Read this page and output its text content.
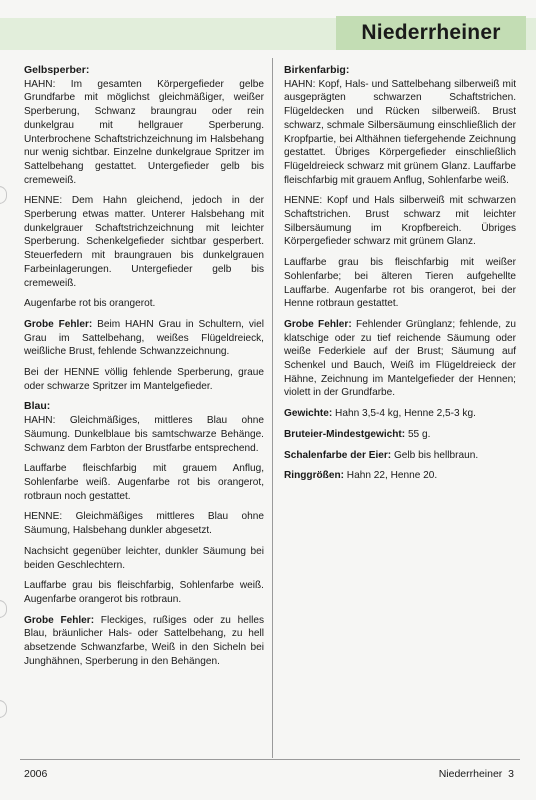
Niederrheiner
Gelbsperber:

HAHN: Im gesamten Körpergefieder gelbe Grundfarbe mit möglichst gleichmäßiger, weißer Sperberung, Schwanz braungrau oder rein dunkelgrau mit hellgrauer Sperberung. Unterbrochene Schaftstrichzeichnung im Halsbehang nur wenig sichtbar. Einzelne dunkelgraue Spritzer im Sattelbehang gestattet. Untergefieder gelb bis cremeweiß.

HENNE: Dem Hahn gleichend, jedoch in der Sperberung etwas matter. Unterer Halsbehang mit dunkelgrauer Schaftstrichzeichnung mit leichter Sperberung. Schenkelgefieder sichtbar gesperbert. Steuerfedern mit braungrauen bis dunkelgrauen Farbeinlagerungen. Untergefieder gelb bis cremeweiß.

Augenfarbe rot bis orangerot.

Grobe Fehler: Beim HAHN Grau in Schultern, viel Grau im Sattelbehang, weißes Flügeldreieck, weißliche Brust, fehlende Schwanzzeichnung.

Bei der HENNE völlig fehlende Sperberung, graue oder schwarze Spritzer im Mantelgefieder.

Blau:

HAHN: Gleichmäßiges, mittleres Blau ohne Säumung. Dunkelblaue bis samtschwarze Behänge. Schwanz dem Farbton der Brustfarbe entsprechend.

Lauffarbe fleischfarbig mit grauem Anflug, Sohlenfarbe weiß. Augenfarbe rot bis orangerot, rotbraun noch gestattet.

HENNE: Gleichmäßiges mittleres Blau ohne Säumung, Halsbehang dunkler abgesetzt.

Nachsicht gegenüber leichter, dunkler Säumung bei beiden Geschlechtern.

Lauffarbe grau bis fleischfarbig, Sohlenfarbe weiß. Augenfarbe orangerot bis rotbraun.

Grobe Fehler: Fleckiges, rußiges oder zu helles Blau, bräunlicher Hals- oder Sattelbehang, zu hell absetzende Schwanzfarbe, Weiß in den Sicheln bei Junghähnen, Sperberung in den Behängen.

Birkenfarbig:

HAHN: Kopf, Hals- und Sattelbehang silberweiß mit ausgeprägten schwarzen Schaftstrichen. Flügeldecken und Rücken silberweiß. Brust schwarz, schmale Silbersäumung einschließlich der Kropfpartie, bei Althähnen tiefergehende Zeichnung gestattet. Übriges Körpergefieder einschließlich Flügeldreieck schwarz mit grünem Glanz. Lauffarbe fleischfarbig mit grauem Anflug, Sohlenfarbe weiß.

HENNE: Kopf und Hals silberweiß mit schwarzen Schaftstrichen. Brust schwarz mit leichter Silbersäumung im Kropfbereich. Übriges Körpergefieder schwarz mit grünem Glanz.

Lauffarbe grau bis fleischfarbig mit weißer Sohlenfarbe; bei älteren Tieren aufgehellte Lauffarbe. Augenfarbe rot bis orangerot, bei der Henne rotbraun gestattet.

Grobe Fehler: Fehlender Grünglanz; fehlende, zu klatschige oder zu tief reichende Säumung oder weiße Federkiele auf der Brust; Säumung auf Schenkel und Bauch, Weiß im Flügeldreieck der Hähne, Zeichnung im Mantelgefieder der Hennen; violett in der Grundfarbe.

Gewichte: Hahn 3,5-4 kg, Henne 2,5-3 kg.

Bruteier-Mindestgewicht: 55 g.

Schalenfarbe der Eier: Gelb bis hellbraun.

Ringgrößen: Hahn 22, Henne 20.

2006	Niederrheiner 3
